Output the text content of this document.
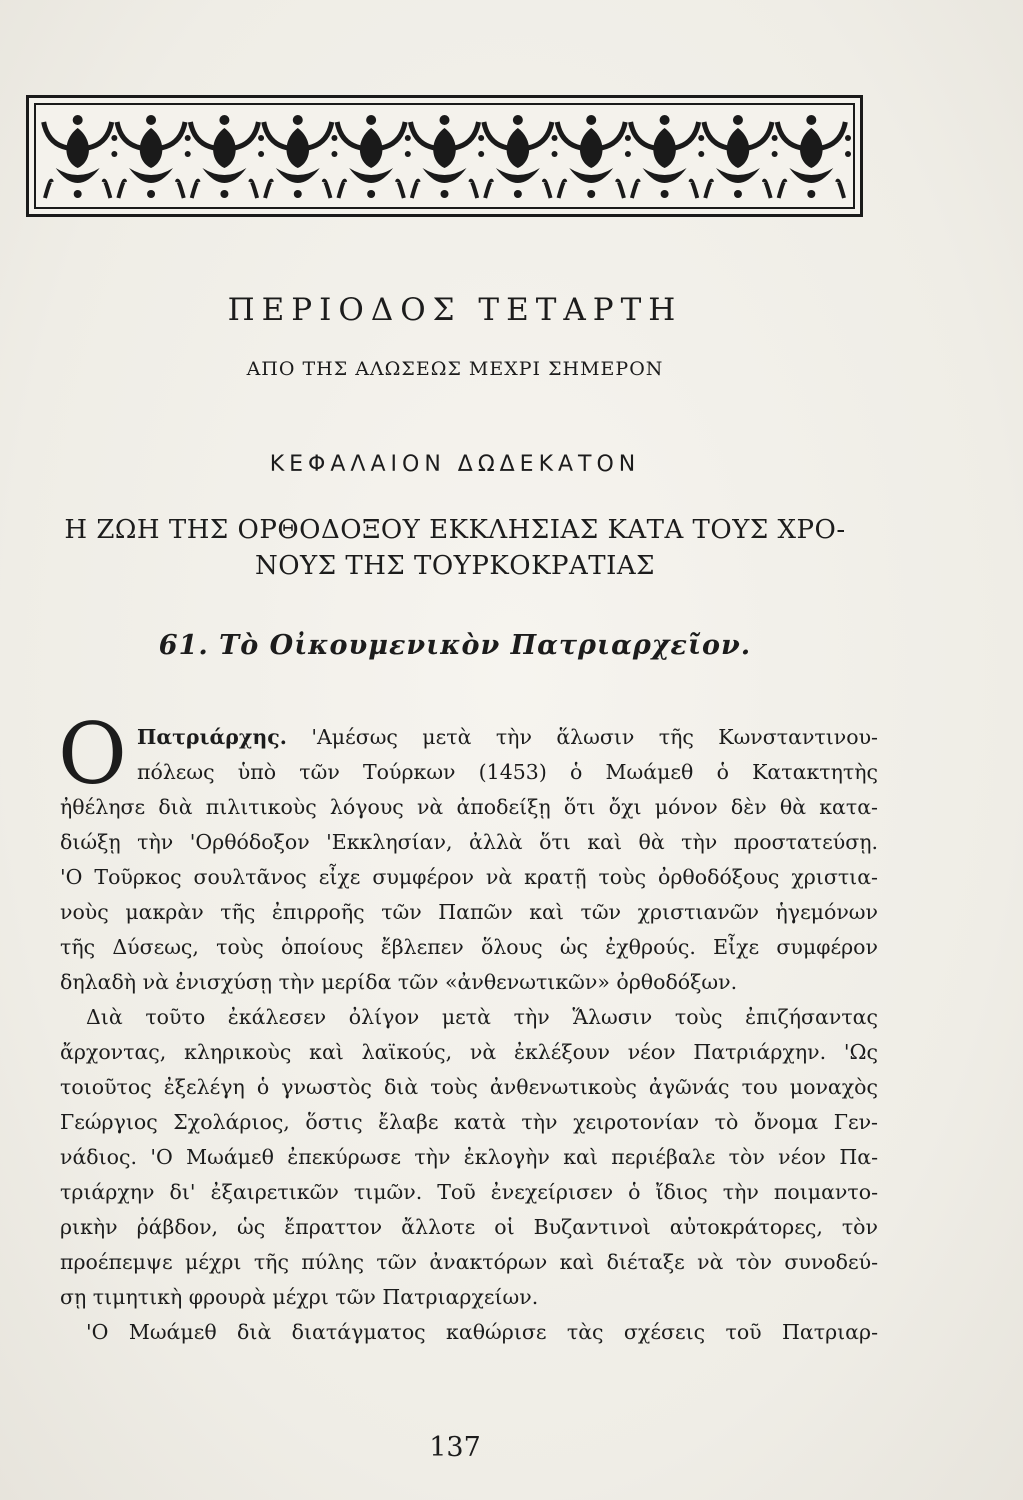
ΠΕΡΙΟΔΟΣ ΤΕΤΑΡΤΗ
ΑΠΟ ΤΗΣ ΑΛΩΣΕΩΣ ΜΕΧΡΙ ΣΗΜΕΡΟΝ
ΚΕΦΑΛΑΙΟΝ ΔΩΔΕΚΑΤΟΝ
Η ΖΩΗ ΤΗΣ ΟΡΘΟΔΟΞΟΥ ΕΚΚΛΗΣΙΑΣ ΚΑΤΑ ΤΟΥΣ ΧΡΟ-
ΝΟΥΣ ΤΗΣ ΤΟΥΡΚΟΚΡΑΤΙΑΣ
61. Τὸ Οἰκουμενικὸν Πατριαρχεῖον.
Ο Πατριάρχης. 'Αμέσως μετὰ τὴν ἅλωσιν τῆς Κωνσταντινου-
πόλεως ὑπὸ τῶν Τούρκων (1453) ὁ Μωάμεθ ὁ Κατακτητὴς
ἠθέλησε διὰ πιλιτικοὺς λόγους νὰ ἀποδείξῃ ὅτι ὄχι μόνον δὲν θὰ κατα-
διώξῃ τὴν 'Ορθόδοξον 'Εκκλησίαν, ἀλλὰ ὅτι καὶ θὰ τὴν προστατεύσῃ.
'Ο Τοῦρκος σουλτᾶνος εἶχε συμφέρον νὰ κρατῇ τοὺς ὀρθοδόξους χριστια-
νοὺς μακρὰν τῆς ἐπιρροῆς τῶν Παπῶν καὶ τῶν χριστιανῶν ἡγεμόνων
τῆς Δύσεως, τοὺς ὁποίους ἔβλεπεν ὅλους ὡς ἐχθρούς. Εἶχε συμφέρον
δηλαδὴ νὰ ἐνισχύσῃ τὴν μερίδα τῶν «ἀνθενωτικῶν» ὀρθοδόξων.
Διὰ τοῦτο ἐκάλεσεν ὀλίγον μετὰ τὴν Ἅλωσιν τοὺς ἐπιζήσαντας
ἄρχοντας, κληρικοὺς καὶ λαϊκούς, νὰ ἐκλέξουν νέον Πατριάρχην. 'Ως
τοιοῦτος ἐξελέγη ὁ γνωστὸς διὰ τοὺς ἀνθενωτικοὺς ἀγῶνάς του μοναχὸς
Γεώργιος Σχολάριος, ὅστις ἔλαβε κατὰ τὴν χειροτονίαν τὸ ὄνομα Γεν-
νάδιος. 'Ο Μωάμεθ ἐπεκύρωσε τὴν ἐκλογὴν καὶ περιέβαλε τὸν νέον Πα-
τριάρχην δι' ἐξαιρετικῶν τιμῶν. Τοῦ ἐνεχείρισεν ὁ ἴδιος τὴν ποιμαντο-
ρικὴν ῥάβδον, ὡς ἔπραττον ἄλλοτε οἱ Βυζαντινοὶ αὐτοκράτορες, τὸν
προέπεμψε μέχρι τῆς πύλης τῶν ἀνακτόρων καὶ διέταξε νὰ τὸν συνοδεύ-
σῃ τιμητικὴ φρουρὰ μέχρι τῶν Πατριαρχείων.
'Ο Μωάμεθ διὰ διατάγματος καθώρισε τὰς σχέσεις τοῦ Πατριαρ-
137
